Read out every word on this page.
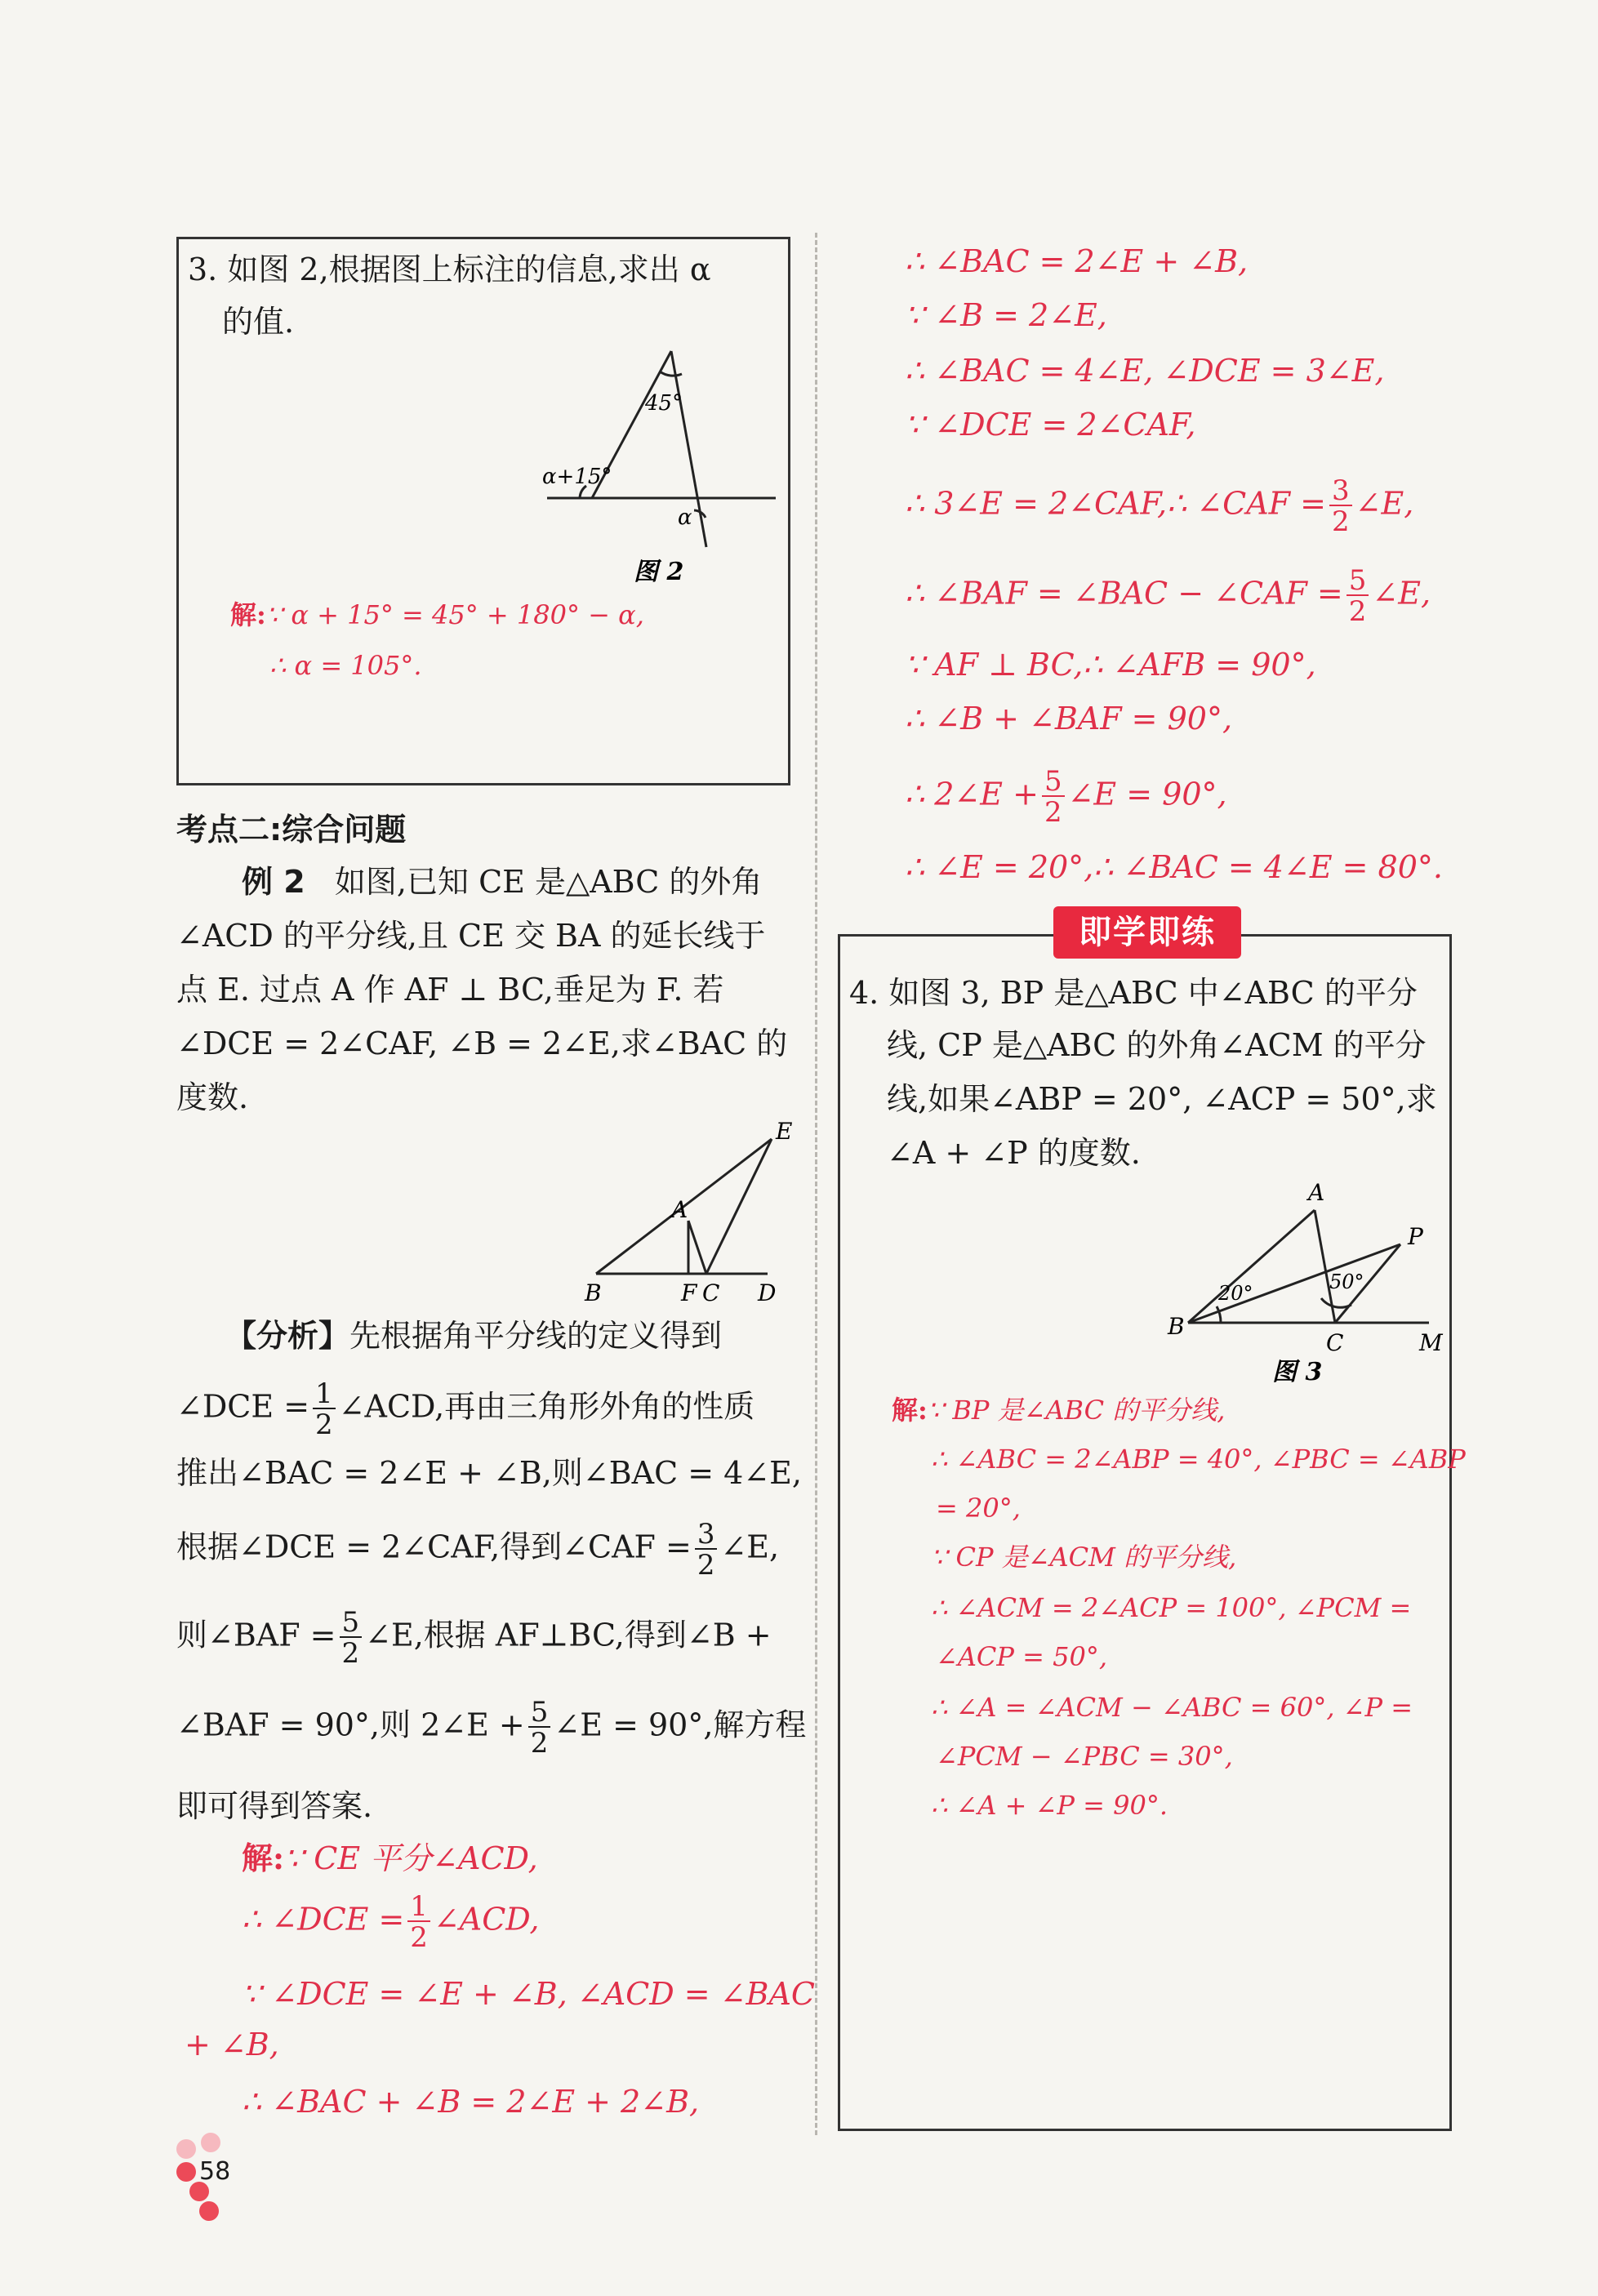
3. 如图 2,根据图上标注的信息,求出 α
的值.
45°
α+15°
α
图 2
解:∵ α + 15° = 45° + 180° − α,
∴ α = 105°.
考点二:综合问题
例 2 如图,已知 CE 是△ABC 的外角
∠ACD 的平分线,且 CE 交 BA 的延长线于
点 E. 过点 A 作 AF ⊥ BC,垂足为 F. 若
∠DCE = 2∠CAF, ∠B = 2∠E,求∠BAC 的
度数.
E
A
B	F C D
【分析】先根据角平分线的定义得到
∠DCE = $\frac{1}{2}$ ∠ACD,再由三角形外角的性质
推出∠BAC = 2∠E + ∠B,则∠BAC = 4∠E,
根据∠DCE = 2∠CAF,得到∠CAF = $\frac{3}{2}$ ∠E,
则∠BAF = $\frac{5}{2}$ ∠E,根据 AF⊥BC,得到∠B +
∠BAF = 90°,则 2∠E + $\frac{5}{2}$ ∠E = 90°,解方程
即可得到答案.
解:∵ CE 平分∠ACD,
∴ ∠DCE = $\frac{1}{2}$ ∠ACD,
∵ ∠DCE = ∠E + ∠B, ∠ACD = ∠BAC
+ ∠B,
∴ ∠BAC + ∠B = 2∠E + 2∠B,
∴ ∠BAC = 2∠E + ∠B,
∵ ∠B = 2∠E,
∴ ∠BAC = 4∠E, ∠DCE = 3∠E,
∵ ∠DCE = 2∠CAF,
∴ 3∠E = 2∠CAF,∴ ∠CAF = $\frac{3}{2}$ ∠E,
∴ ∠BAF = ∠BAC − ∠CAF = $\frac{5}{2}$ ∠E,
∵ AF ⊥ BC,∴ ∠AFB = 90°,
∴ ∠B + ∠BAF = 90°,
∴ 2∠E + $\frac{5}{2}$ ∠E = 90°,
∴ ∠E = 20°,∴ ∠BAC = 4∠E = 80°.
即学即练
4. 如图 3, BP 是△ABC 中∠ABC 的平分
线, CP 是△ABC 的外角∠ACM 的平分
线,如果∠ABP = 20°, ∠ACP = 50°,求
∠A + ∠P 的度数.
A
P
B
C	M
20°	50°
图 3
解:∵ BP 是∠ABC 的平分线,
∴ ∠ABC = 2∠ABP = 40°, ∠PBC = ∠ABP
= 20°,
∵ CP 是∠ACM 的平分线,
∴ ∠ACM = 2∠ACP = 100°, ∠PCM =
∠ACP = 50°,
∴ ∠A = ∠ACM − ∠ABC = 60°, ∠P =
∠PCM − ∠PBC = 30°,
∴ ∠A + ∠P = 90°.
58
